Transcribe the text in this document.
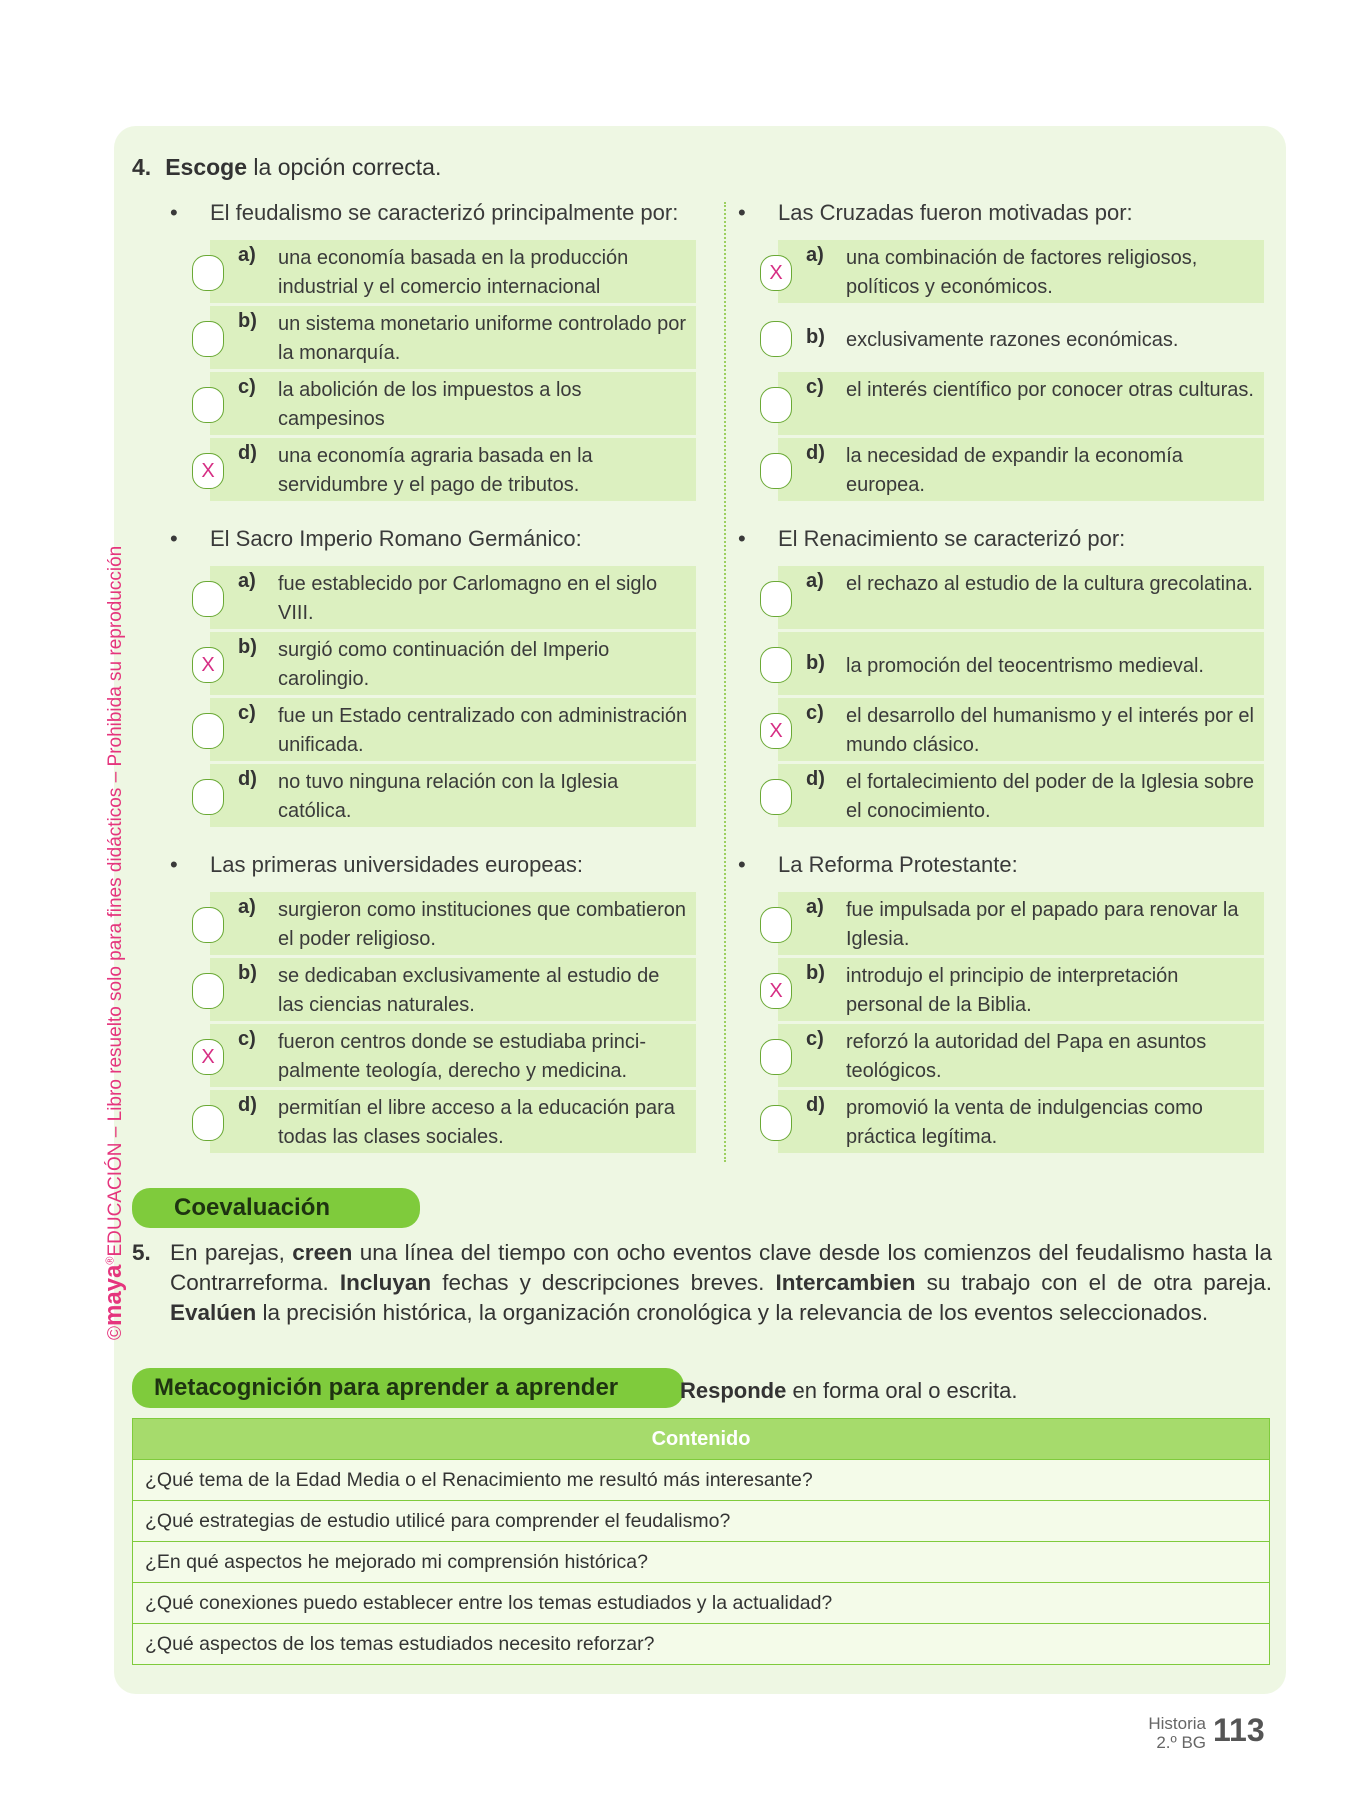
©maya®EDUCACIÓN – Libro resuelto solo para fines didácticos – Prohibida su reproducción
4. Escoge la opción correcta.
• El feudalismo se caracterizó principalmente por:
a) una economía basada en la producción industrial y el comercio internacional
b) un sistema monetario uniforme controlado por la monarquía.
c) la abolición de los impuestos a los campesinos
X
d) una economía agraria basada en la servidumbre y el pago de tributos.
• Las Cruzadas fueron motivadas por:
X
a) una combinación de factores religiosos, políticos y económicos.
b) exclusivamente razones económicas.
c) el interés científico por conocer otras culturas.
d) la necesidad de expandir la economía europea.
• El Sacro Imperio Romano Germánico:
a) fue establecido por Carlomagno en el siglo VIII.
X
b) surgió como continuación del Imperio carolingio.
c) fue un Estado centralizado con administración unificada.
d) no tuvo ninguna relación con la Iglesia católica.
• El Renacimiento se caracterizó por:
a) el rechazo al estudio de la cultura grecolatina.
b) la promoción del teocentrismo medieval.
X
c) el desarrollo del humanismo y el interés por el mundo clásico.
d) el fortalecimiento del poder de la Iglesia sobre el conocimiento.
• Las primeras universidades europeas:
a) surgieron como instituciones que combatieron el poder religioso.
b) se dedicaban exclusivamente al estudio de las ciencias naturales.
X
c) fueron centros donde se estudiaba princi- palmente teología, derecho y medicina.
d) permitían el libre acceso a la educación para todas las clases sociales.
• La Reforma Protestante:
a) fue impulsada por el papado para renovar la Iglesia.
X
b) introdujo el principio de interpretación personal de la Biblia.
c) reforzó la autoridad del Papa en asuntos teológicos.
d) promovió la venta de indulgencias como práctica legítima.
Coevaluación
5. En parejas, creen una línea del tiempo con ocho eventos clave desde los comienzos del feudalismo hasta la Contrarreforma. Incluyan fechas y descripciones breves. Intercambien su trabajo con el de otra pareja. Evalúen la precisión histórica, la organización cronológica y la relevancia de los eventos seleccionados.
Metacognición para aprender a aprender	Responde en forma oral o escrita.
Contenido
¿Qué tema de la Edad Media o el Renacimiento me resultó más interesante?
¿Qué estrategias de estudio utilicé para comprender el feudalismo?
¿En qué aspectos he mejorado mi comprensión histórica?
¿Qué conexiones puedo establecer entre los temas estudiados y la actualidad?
¿Qué aspectos de los temas estudiados necesito reforzar?
Historia
2.º BG 113
